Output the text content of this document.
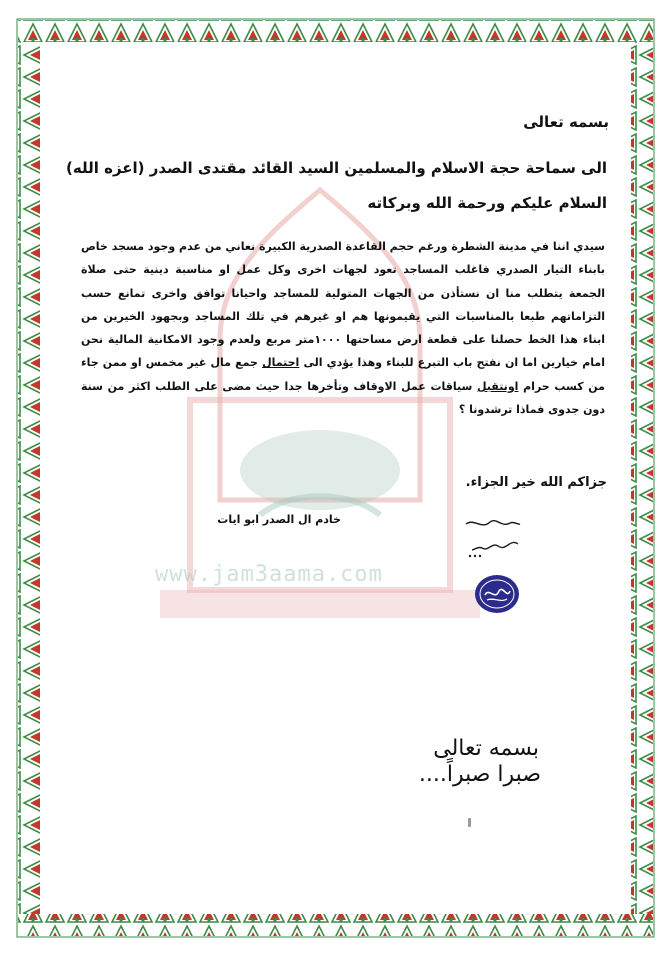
www.jam3aama.com
بسمه تعالى
الى سماحة حجة الاسلام والمسلمين السيد القائد مقتدى الصدر (اعزه الله)
السلام عليكم ورحمة الله وبركاته
سيدي اننا في مدينة الشطرة ورغم حجم القاعدة الصدرية الكبيرة نعاني من عدم وجود مسجد خاص بابناء التيار الصدري فاغلب المساجد تعود لجهات اخرى وكل عمل او مناسبة دينية حتى صلاة الجمعة يتطلب منا ان نستأذن من الجهات المتولية للمساجد واحيانا توافق واخرى تمانع حسب التزاماتهم طبعا بالمناسبات التي يقيمونها هم او غيرهم في تلك المساجد وبجهود الخيرين من ابناء هذا الخط حصلنا على قطعة ارض مساحتها ١٠٠٠متر مربع ولعدم وجود الامكانية المالية نحن امام خيارين اما ان نفتح باب التبرع للبناء وهذا يؤدي الى احتمال جمع مال غير مخمس او ممن جاء من كسب حرام اونتقبل سياقات عمل الاوقاف وتأخرها جدا حيث مضى على الطلب اكثر من سنة دون جدوى فماذا ترشدونا ؟
جزاكم الله خير الجزاء.
خادم ال الصدر ابو ايات
بسمه تعالى
صبرا صبراً....
